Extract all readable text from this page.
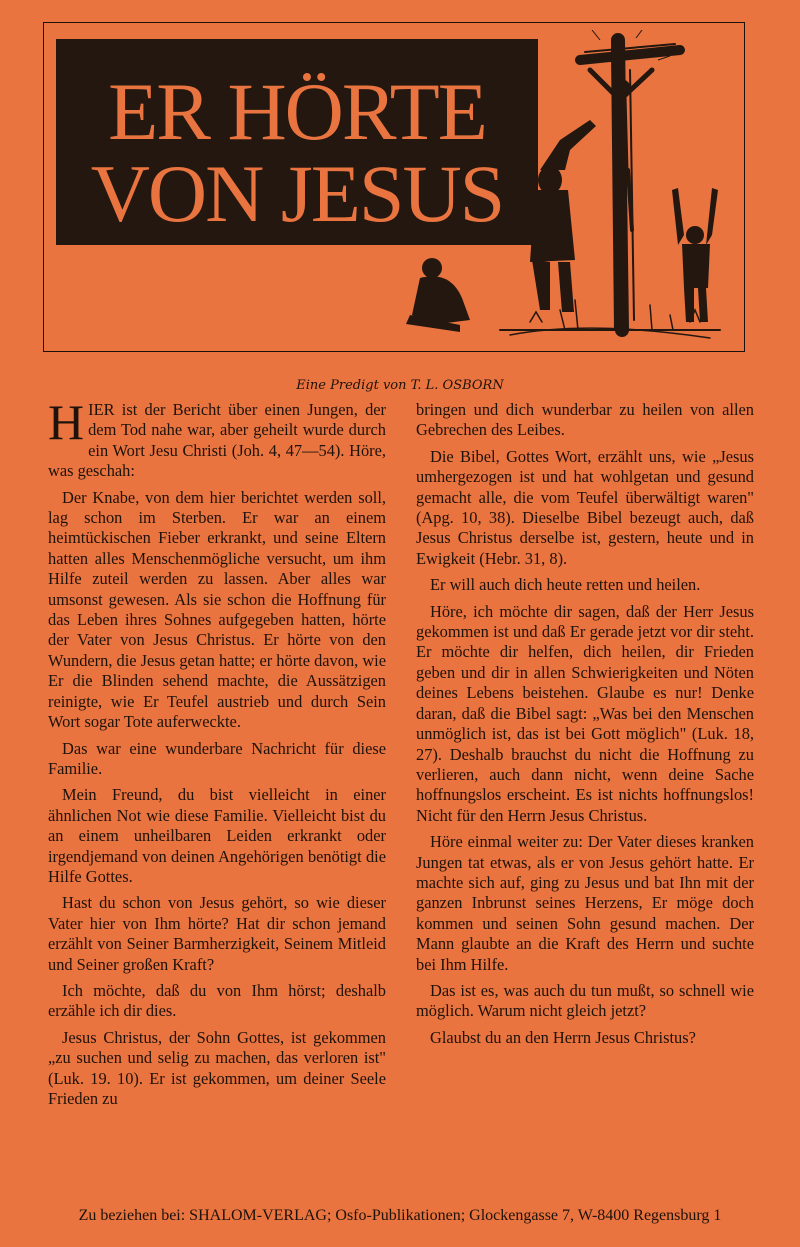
ER HÖRTE
VON JESUS
Eine Predigt von T. L. OSBORN

HIER ist der Bericht über einen Jungen, der dem Tod nahe war, aber geheilt wurde durch ein Wort Jesu Christi (Joh. 4, 47—54). Höre, was geschah:

Der Knabe, von dem hier berichtet werden soll, lag schon im Sterben. Er war an einem heimtückischen Fieber erkrankt, und seine Eltern hatten alles Menschenmögliche versucht, um ihm Hilfe zuteil werden zu lassen. Aber alles war umsonst gewesen. Als sie schon die Hoffnung für das Leben ihres Sohnes aufgegeben hatten, hörte der Vater von Jesus Christus. Er hörte von den Wundern, die Jesus getan hatte; er hörte davon, wie Er die Blinden sehend machte, die Aussätzigen reinigte, wie Er Teufel austrieb und durch Sein Wort sogar Tote auferweckte.

Das war eine wunderbare Nachricht für diese Familie.

Mein Freund, du bist vielleicht in einer ähnlichen Not wie diese Familie. Vielleicht bist du an einem unheilbaren Leiden erkrankt oder irgendjemand von deinen Angehörigen benötigt die Hilfe Gottes.

Hast du schon von Jesus gehört, so wie dieser Vater hier von Ihm hörte? Hat dir schon jemand erzählt von Seiner Barmherzigkeit, Seinem Mitleid und Seiner großen Kraft?

Ich möchte, daß du von Ihm hörst; deshalb erzähle ich dir dies.

Jesus Christus, der Sohn Gottes, ist gekommen „zu suchen und selig zu machen, das verloren ist" (Luk. 19. 10). Er ist gekommen, um deiner Seele Frieden zu

bringen und dich wunderbar zu heilen von allen Gebrechen des Leibes.

Die Bibel, Gottes Wort, erzählt uns, wie „Jesus umhergezogen ist und hat wohlgetan und gesund gemacht alle, die vom Teufel überwältigt waren" (Apg. 10, 38). Dieselbe Bibel bezeugt auch, daß Jesus Christus derselbe ist, gestern, heute und in Ewigkeit (Hebr. 31, 8).

Er will auch dich heute retten und heilen.

Höre, ich möchte dir sagen, daß der Herr Jesus gekommen ist und daß Er gerade jetzt vor dir steht. Er möchte dir helfen, dich heilen, dir Frieden geben und dir in allen Schwierigkeiten und Nöten deines Lebens beistehen. Glaube es nur! Denke daran, daß die Bibel sagt: „Was bei den Menschen unmöglich ist, das ist bei Gott möglich" (Luk. 18, 27). Deshalb brauchst du nicht die Hoffnung zu verlieren, auch dann nicht, wenn deine Sache hoffnungslos erscheint. Es ist nichts hoffnungslos! Nicht für den Herrn Jesus Christus.

Höre einmal weiter zu: Der Vater dieses kranken Jungen tat etwas, als er von Jesus gehört hatte. Er machte sich auf, ging zu Jesus und bat Ihn mit der ganzen Inbrunst seines Herzens, Er möge doch kommen und seinen Sohn gesund machen. Der Mann glaubte an die Kraft des Herrn und suchte bei Ihm Hilfe.

Das ist es, was auch du tun mußt, so schnell wie möglich. Warum nicht gleich jetzt?

Glaubst du an den Herrn Jesus Christus?

Zu beziehen bei: SHALOM-VERLAG; Osfo-Publikationen; Glockengasse 7, W-8400 Regensburg 1
